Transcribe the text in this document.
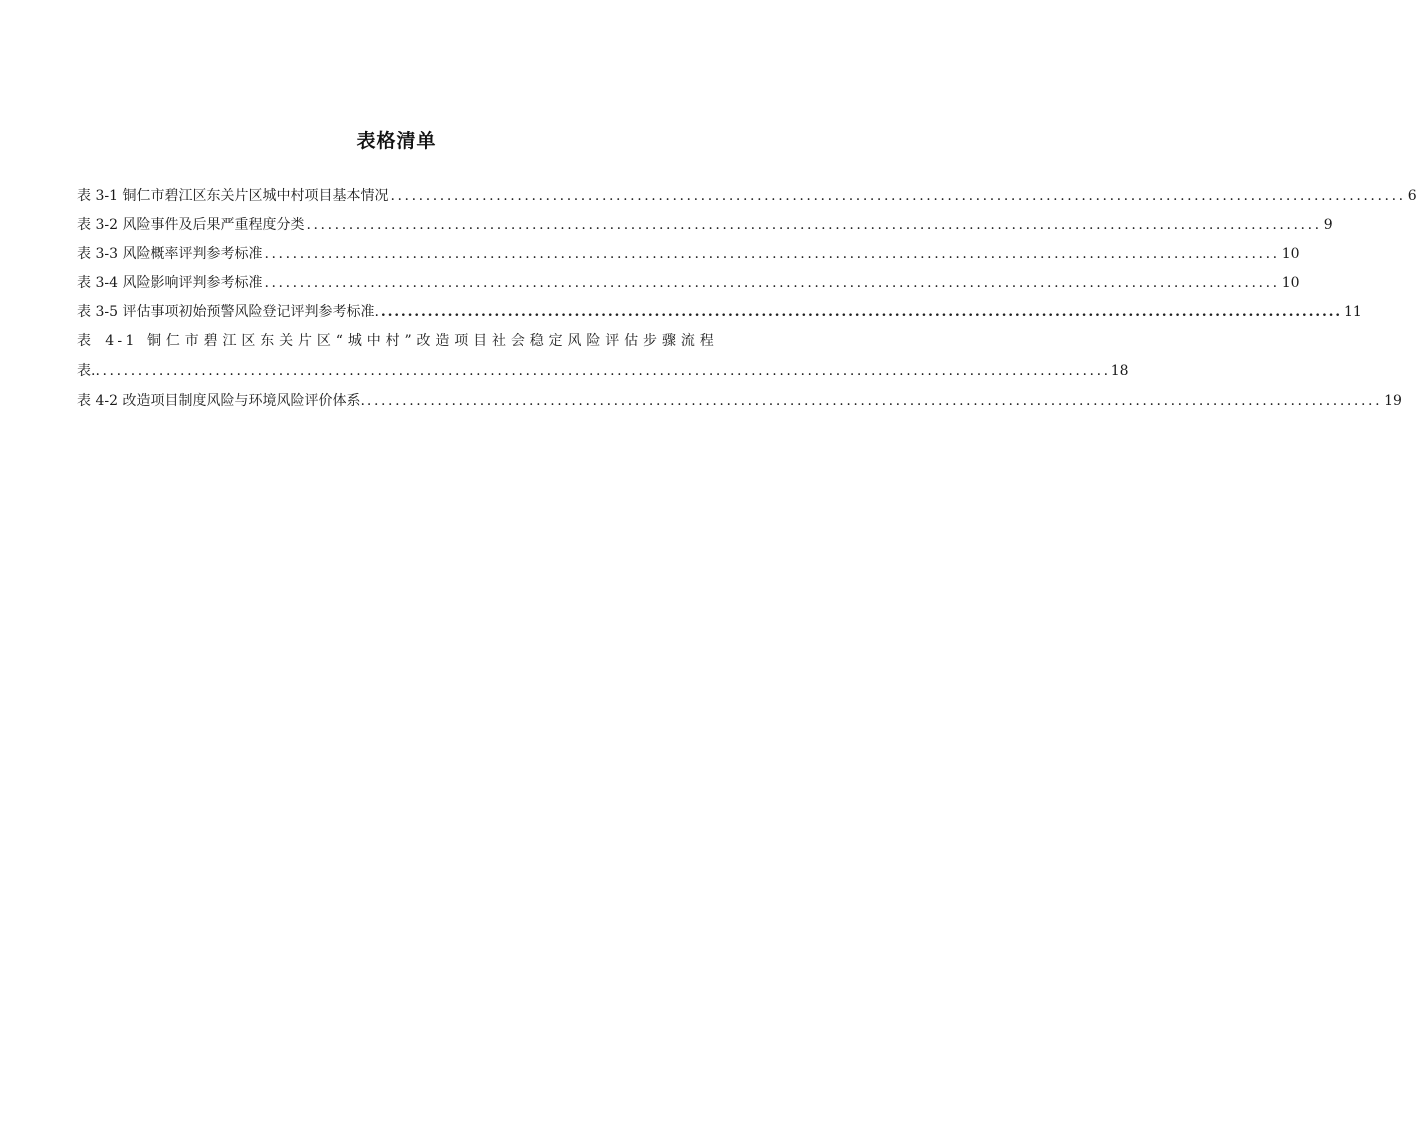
表格清单
表 3-1 铜仁市碧江区东关片区城中村项目基本情况 ................................................................................................................................................ 6
表 3-2 风险事件及后果严重程度分类 ................................................................................................................................................ 9
表 3-3 风险概率评判参考标准 ................................................................................................................................................ 10
表 3-4 风险影响评判参考标准 ................................................................................................................................................ 10
表 3-5 评估事项初始预警风险登记评判参考标准. ................................................................................................................................................ 11
表 4-1 铜仁市碧江区东关片区“城中村”改造项目社会稳定风险评估步骤流程
表. ................................................................................................................................................ 18
表 4-2 改造项目制度风险与环境风险评价体系. ................................................................................................................................................ 19
